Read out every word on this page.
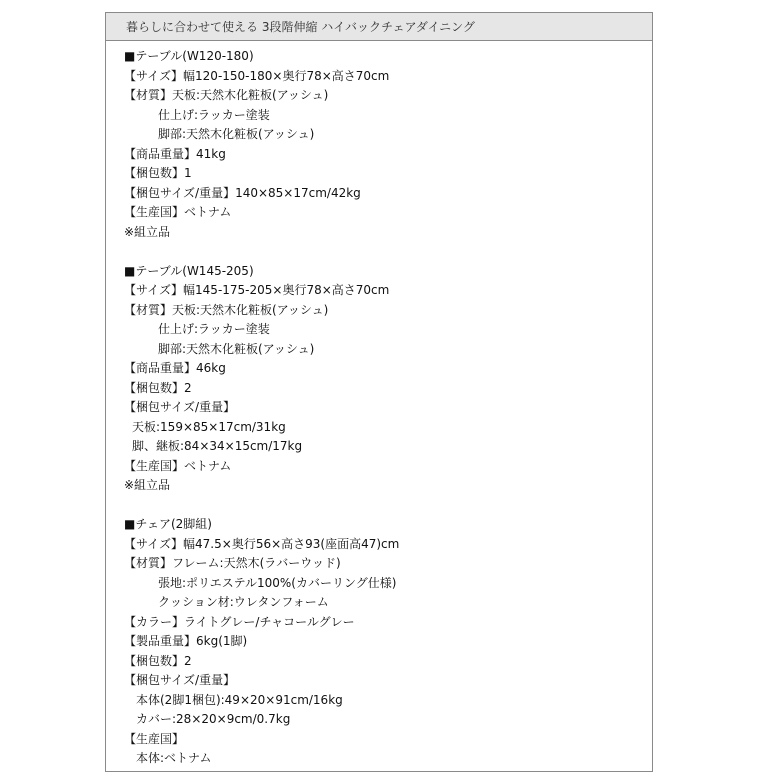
暮らしに合わせて使える 3段階伸縮 ハイバックチェアダイニング
■テーブル(W120-180)
【サイズ】幅120-150-180×奥行78×高さ70cm
【材質】天板:天然木化粧板(アッシュ)
仕上げ:ラッカー塗装
脚部:天然木化粧板(アッシュ)
【商品重量】41kg
【梱包数】1
【梱包サイズ/重量】140×85×17cm/42kg
【生産国】ベトナム
※組立品
■テーブル(W145-205)
【サイズ】幅145-175-205×奥行78×高さ70cm
【材質】天板:天然木化粧板(アッシュ)
仕上げ:ラッカー塗装
脚部:天然木化粧板(アッシュ)
【商品重量】46kg
【梱包数】2
【梱包サイズ/重量】
天板:159×85×17cm/31kg
脚、継板:84×34×15cm/17kg
【生産国】ベトナム
※組立品
■チェア(2脚組)
【サイズ】幅47.5×奥行56×高さ93(座面高47)cm
【材質】フレーム:天然木(ラバーウッド)
張地:ポリエステル100%(カバーリング仕様)
クッション材:ウレタンフォーム
【カラー】ライトグレー/チャコールグレー
【製品重量】6kg(1脚)
【梱包数】2
【梱包サイズ/重量】
本体(2脚1梱包):49×20×91cm/16kg
カバー:28×20×9cm/0.7kg
【生産国】
本体:ベトナム
